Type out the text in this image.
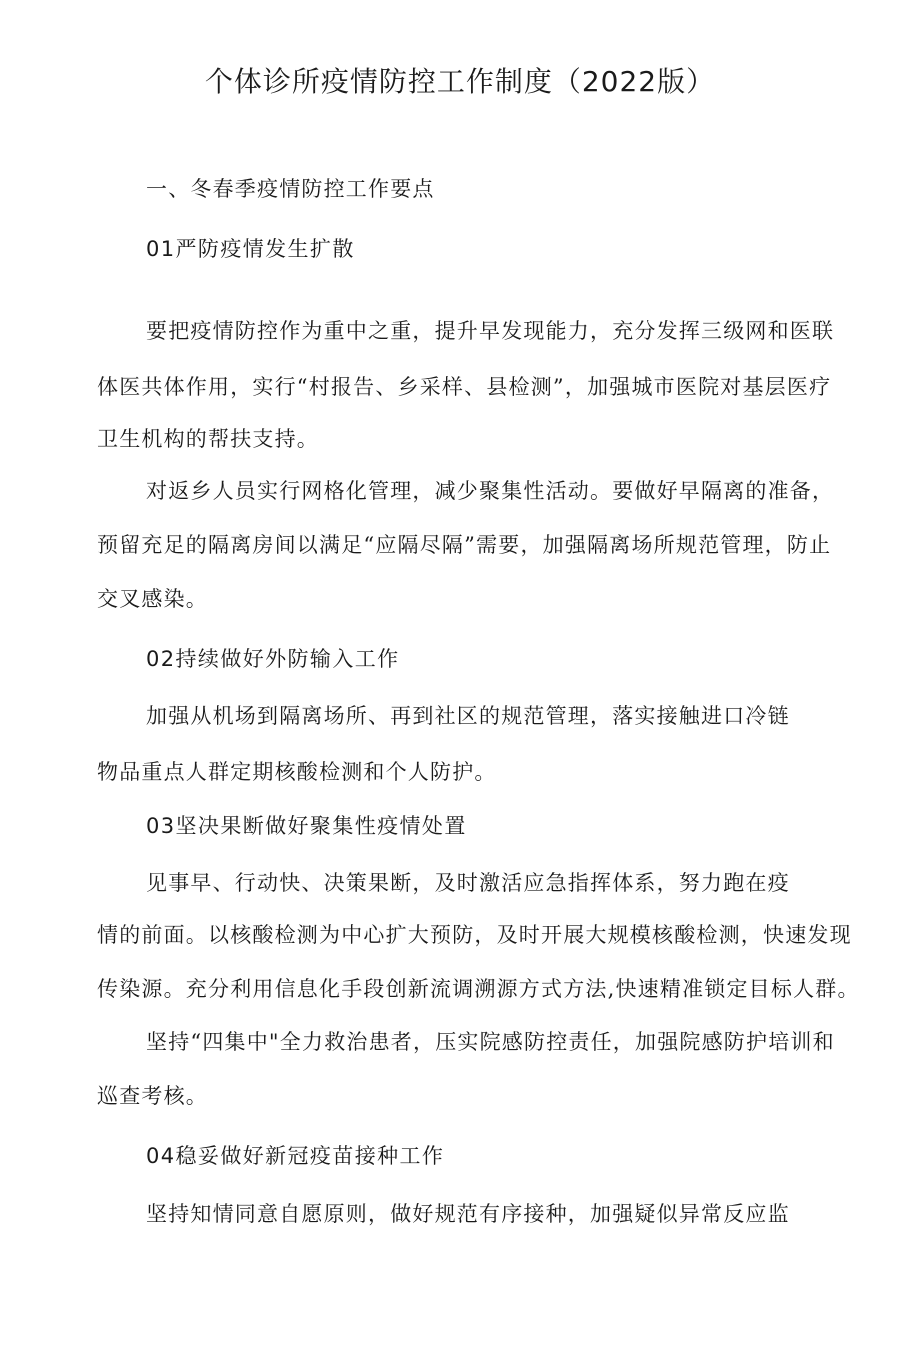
个体诊所疫情防控工作制度（2022版）
一、冬春季疫情防控工作要点
01严防疫情发生扩散
要把疫情防控作为重中之重，提升早发现能力，充分发挥三级网和医联
体医共体作用，实行“村报告、乡采样、县检测”，加强城市医院对基层医疗
卫生机构的帮扶支持。
对返乡人员实行网格化管理，减少聚集性活动。要做好早隔离的准备，
预留充足的隔离房间以满足“应隔尽隔”需要，加强隔离场所规范管理，防止
交叉感染。
02持续做好外防输入工作
加强从机场到隔离场所、再到社区的规范管理，落实接触进口冷链
物品重点人群定期核酸检测和个人防护。
03坚决果断做好聚集性疫情处置
见事早、行动快、决策果断，及时激活应急指挥体系，努力跑在疫
情的前面。以核酸检测为中心扩大预防，及时开展大规模核酸检测，快速发现
传染源。充分利用信息化手段创新流调溯源方式方法,快速精准锁定目标人群。
坚持“四集中"全力救治患者，压实院感防控责任，加强院感防护培训和
巡查考核。
04稳妥做好新冠疫苗接种工作
坚持知情同意自愿原则，做好规范有序接种，加强疑似异常反应监
